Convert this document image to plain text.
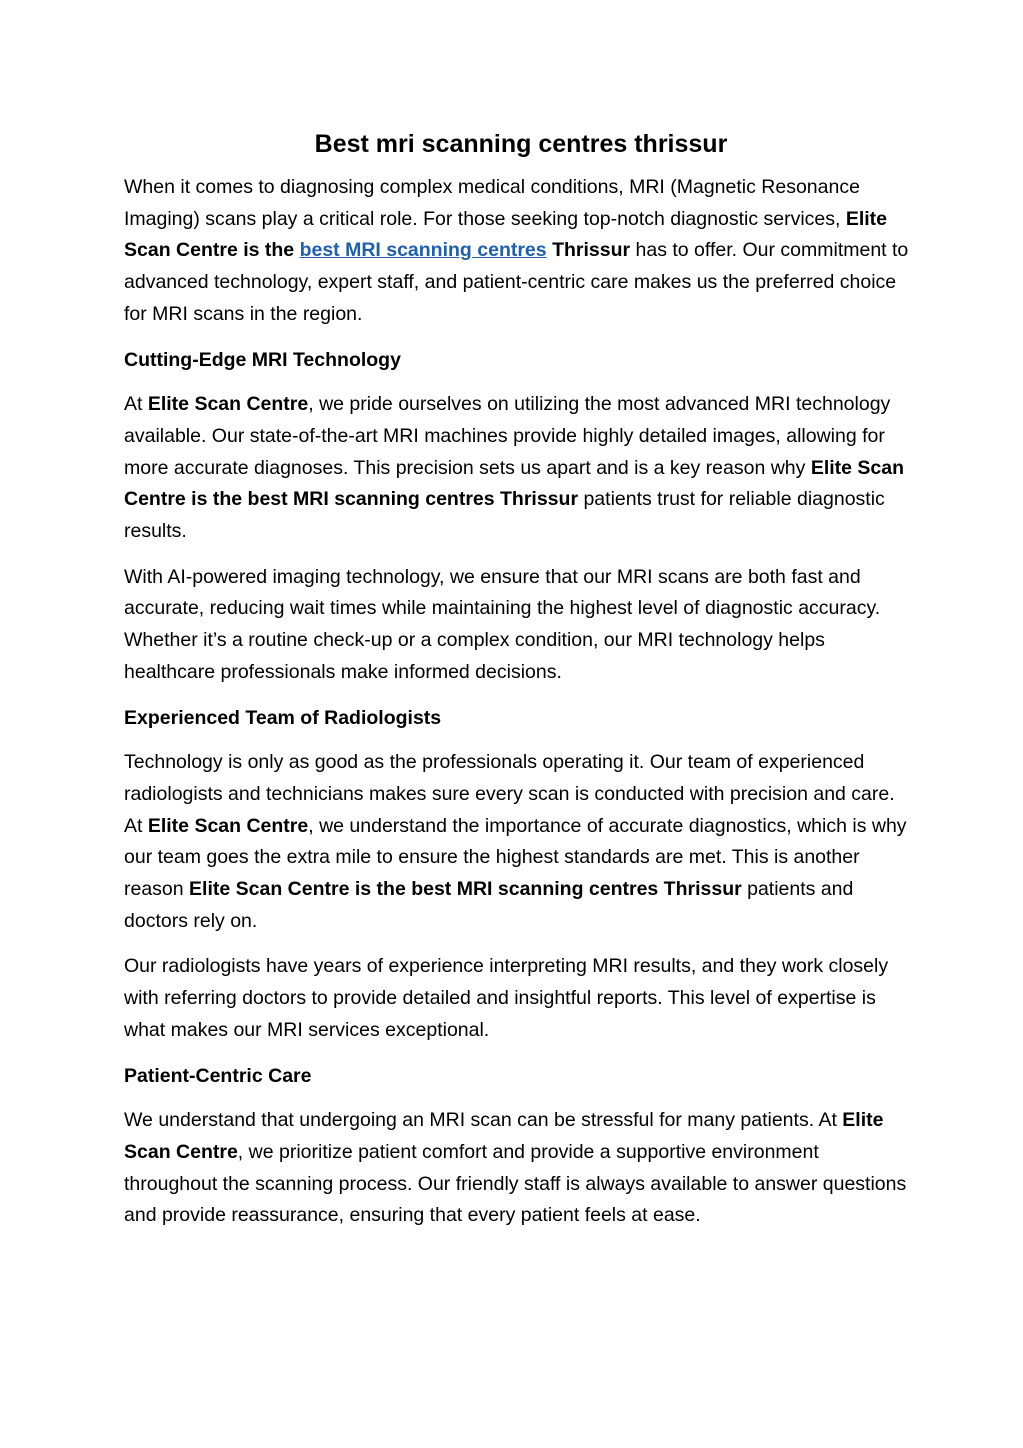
Best mri scanning centres thrissur

When it comes to diagnosing complex medical conditions, MRI (Magnetic Resonance Imaging) scans play a critical role. For those seeking top-notch diagnostic services, Elite Scan Centre is the best MRI scanning centres Thrissur has to offer. Our commitment to advanced technology, expert staff, and patient-centric care makes us the preferred choice for MRI scans in the region.

Cutting-Edge MRI Technology

At Elite Scan Centre, we pride ourselves on utilizing the most advanced MRI technology available. Our state-of-the-art MRI machines provide highly detailed images, allowing for more accurate diagnoses. This precision sets us apart and is a key reason why Elite Scan Centre is the best MRI scanning centres Thrissur patients trust for reliable diagnostic results.

With AI-powered imaging technology, we ensure that our MRI scans are both fast and accurate, reducing wait times while maintaining the highest level of diagnostic accuracy. Whether it’s a routine check-up or a complex condition, our MRI technology helps healthcare professionals make informed decisions.

Experienced Team of Radiologists

Technology is only as good as the professionals operating it. Our team of experienced radiologists and technicians makes sure every scan is conducted with precision and care. At Elite Scan Centre, we understand the importance of accurate diagnostics, which is why our team goes the extra mile to ensure the highest standards are met. This is another reason Elite Scan Centre is the best MRI scanning centres Thrissur patients and doctors rely on.

Our radiologists have years of experience interpreting MRI results, and they work closely with referring doctors to provide detailed and insightful reports. This level of expertise is what makes our MRI services exceptional.

Patient-Centric Care

We understand that undergoing an MRI scan can be stressful for many patients. At Elite Scan Centre, we prioritize patient comfort and provide a supportive environment throughout the scanning process. Our friendly staff is always available to answer questions and provide reassurance, ensuring that every patient feels at ease.
